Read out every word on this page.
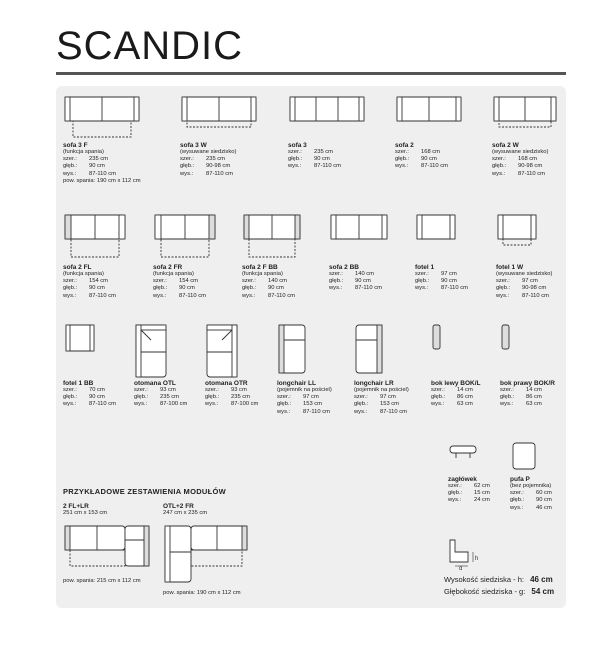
SCANDIC
sofa 3 F
(funkcja spania)
szer.: 235 cm
głęb.: 90 cm
wys.: 87-110 cm
pow. spania: 190 cm x 112 cm
sofa 3 W
(wysuwane siedzisko)
szer.: 235 cm
głęb.: 90-98 cm
wys.: 87-110 cm
sofa 3
szer.: 235 cm
głęb.: 90 cm
wys.: 87-110 cm
sofa 2
szer.: 168 cm
głęb.: 90 cm
wys.: 87-110 cm
sofa 2 W
(wysuwane siedzisko)
szer.: 168 cm
głęb.: 90-98 cm
wys.: 87-110 cm
sofa 2 FL
(funkcja spania)
szer.: 154 cm
głęb.: 90 cm
wys.: 87-110 cm
sofa 2 FR
(funkcja spania)
szer.: 154 cm
głęb.: 90 cm
wys.: 87-110 cm
sofa 2 F BB
(funkcja spania)
szer.: 140 cm
głęb.: 90 cm
wys.: 87-110 cm
sofa 2 BB
szer.: 140 cm
głęb.: 90 cm
wys.: 87-110 cm
fotel 1
szer.: 97 cm
głęb.: 90 cm
wys.: 87-110 cm
fotel 1 W
(wysuwane siedzisko)
szer.: 97 cm
głęb.: 90-98 cm
wys.: 87-110 cm
fotel 1 BB
szer.: 70 cm
głęb.: 90 cm
wys.: 87-110 cm
otomana OTL
szer.: 93 cm
głęb.: 235 cm
wys.: 87-100 cm
otomana OTR
szer.: 93 cm
głęb.: 235 cm
wys.: 87-100 cm
longchair LL
(pojemnik na pościel)
szer.: 97 cm
głęb.: 153 cm
wys.: 87-110 cm
longchair LR
(pojemnik na pościel)
szer.: 97 cm
głęb.: 153 cm
wys.: 87-110 cm
bok lewy BOK/L
szer.: 14 cm
głęb.: 86 cm
wys.: 63 cm
bok prawy BOK/R
szer.: 14 cm
głęb.: 86 cm
wys.: 63 cm
zagłówek
szer.: 62 cm
głęb.: 15 cm
wys.: 24 cm
pufa P
(bez pojemnika)
szer.: 60 cm
głęb.: 90 cm
wys.: 46 cm
PRZYKŁADOWE ZESTAWIENIA MODUŁÓW
2 FL+LR
251 cm x 153 cm
pow. spania: 215 cm x 112 cm
OTL+2 FR
247 cm x 235 cm
pow. spania: 190 cm x 112 cm
h
g
Wysokość siedziska - h: 46 cm
Głębokość siedziska - g: 54 cm
